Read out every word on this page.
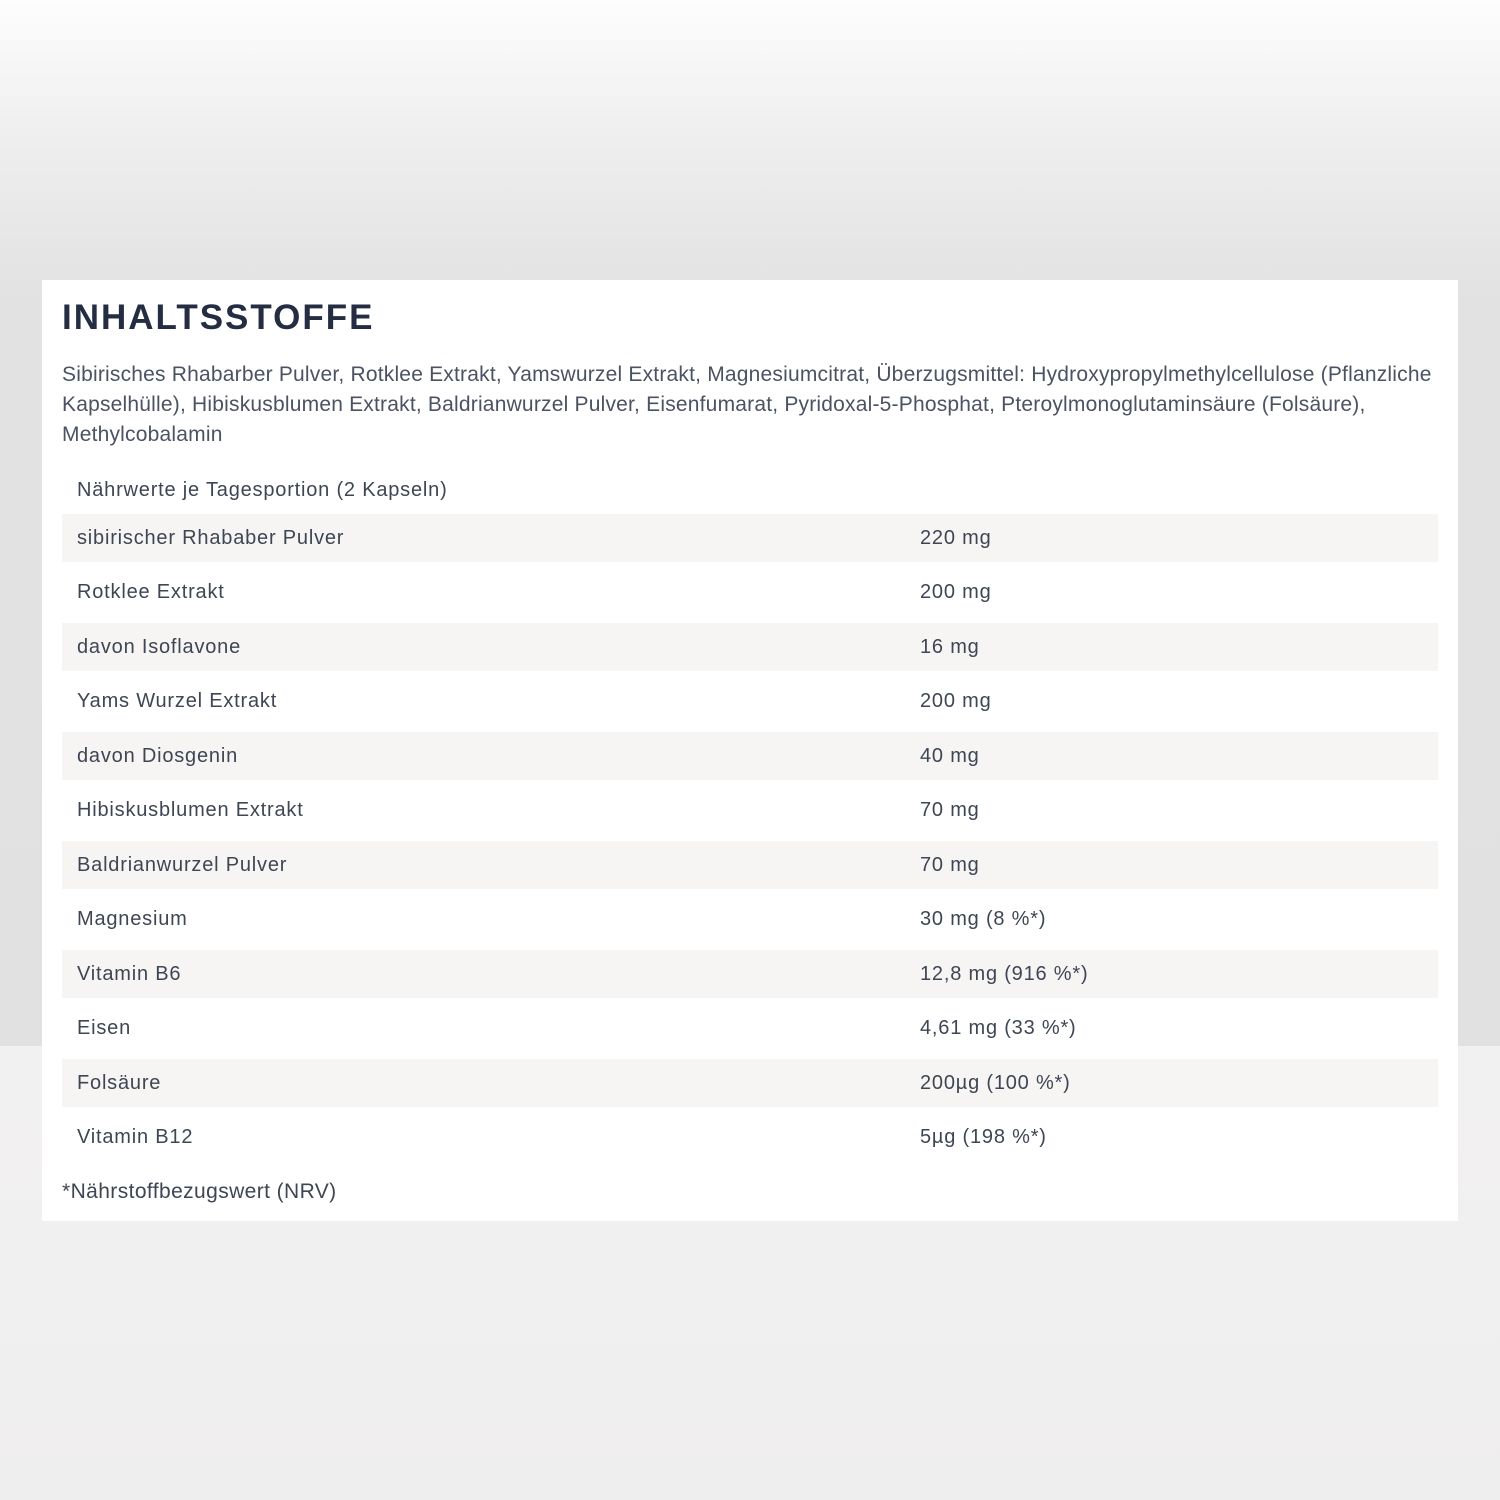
INHALTSSTOFFE

Sibirisches Rhabarber Pulver, Rotklee Extrakt, Yamswurzel Extrakt, Magnesiumcitrat, Überzugsmittel: Hydroxypropylmethylcellulose (Pflanzliche Kapselhülle), Hibiskusblumen Extrakt, Baldrianwurzel Pulver, Eisenfumarat, Pyridoxal-5-Phosphat, Pteroylmonoglutaminsäure (Folsäure), Methylcobalamin

Nährwerte je Tagesportion (2 Kapseln)
sibirischer Rhababer Pulver	220 mg
Rotklee Extrakt	200 mg
davon Isoflavone	16 mg
Yams Wurzel Extrakt	200 mg
davon Diosgenin	40 mg
Hibiskusblumen Extrakt	70 mg
Baldrianwurzel Pulver	70 mg
Magnesium	30 mg (8 %*)
Vitamin B6	12,8 mg (916 %*)
Eisen	4,61 mg (33 %*)
Folsäure	200µg (100 %*)
Vitamin B12	5µg (198 %*)

*Nährstoffbezugswert (NRV)
